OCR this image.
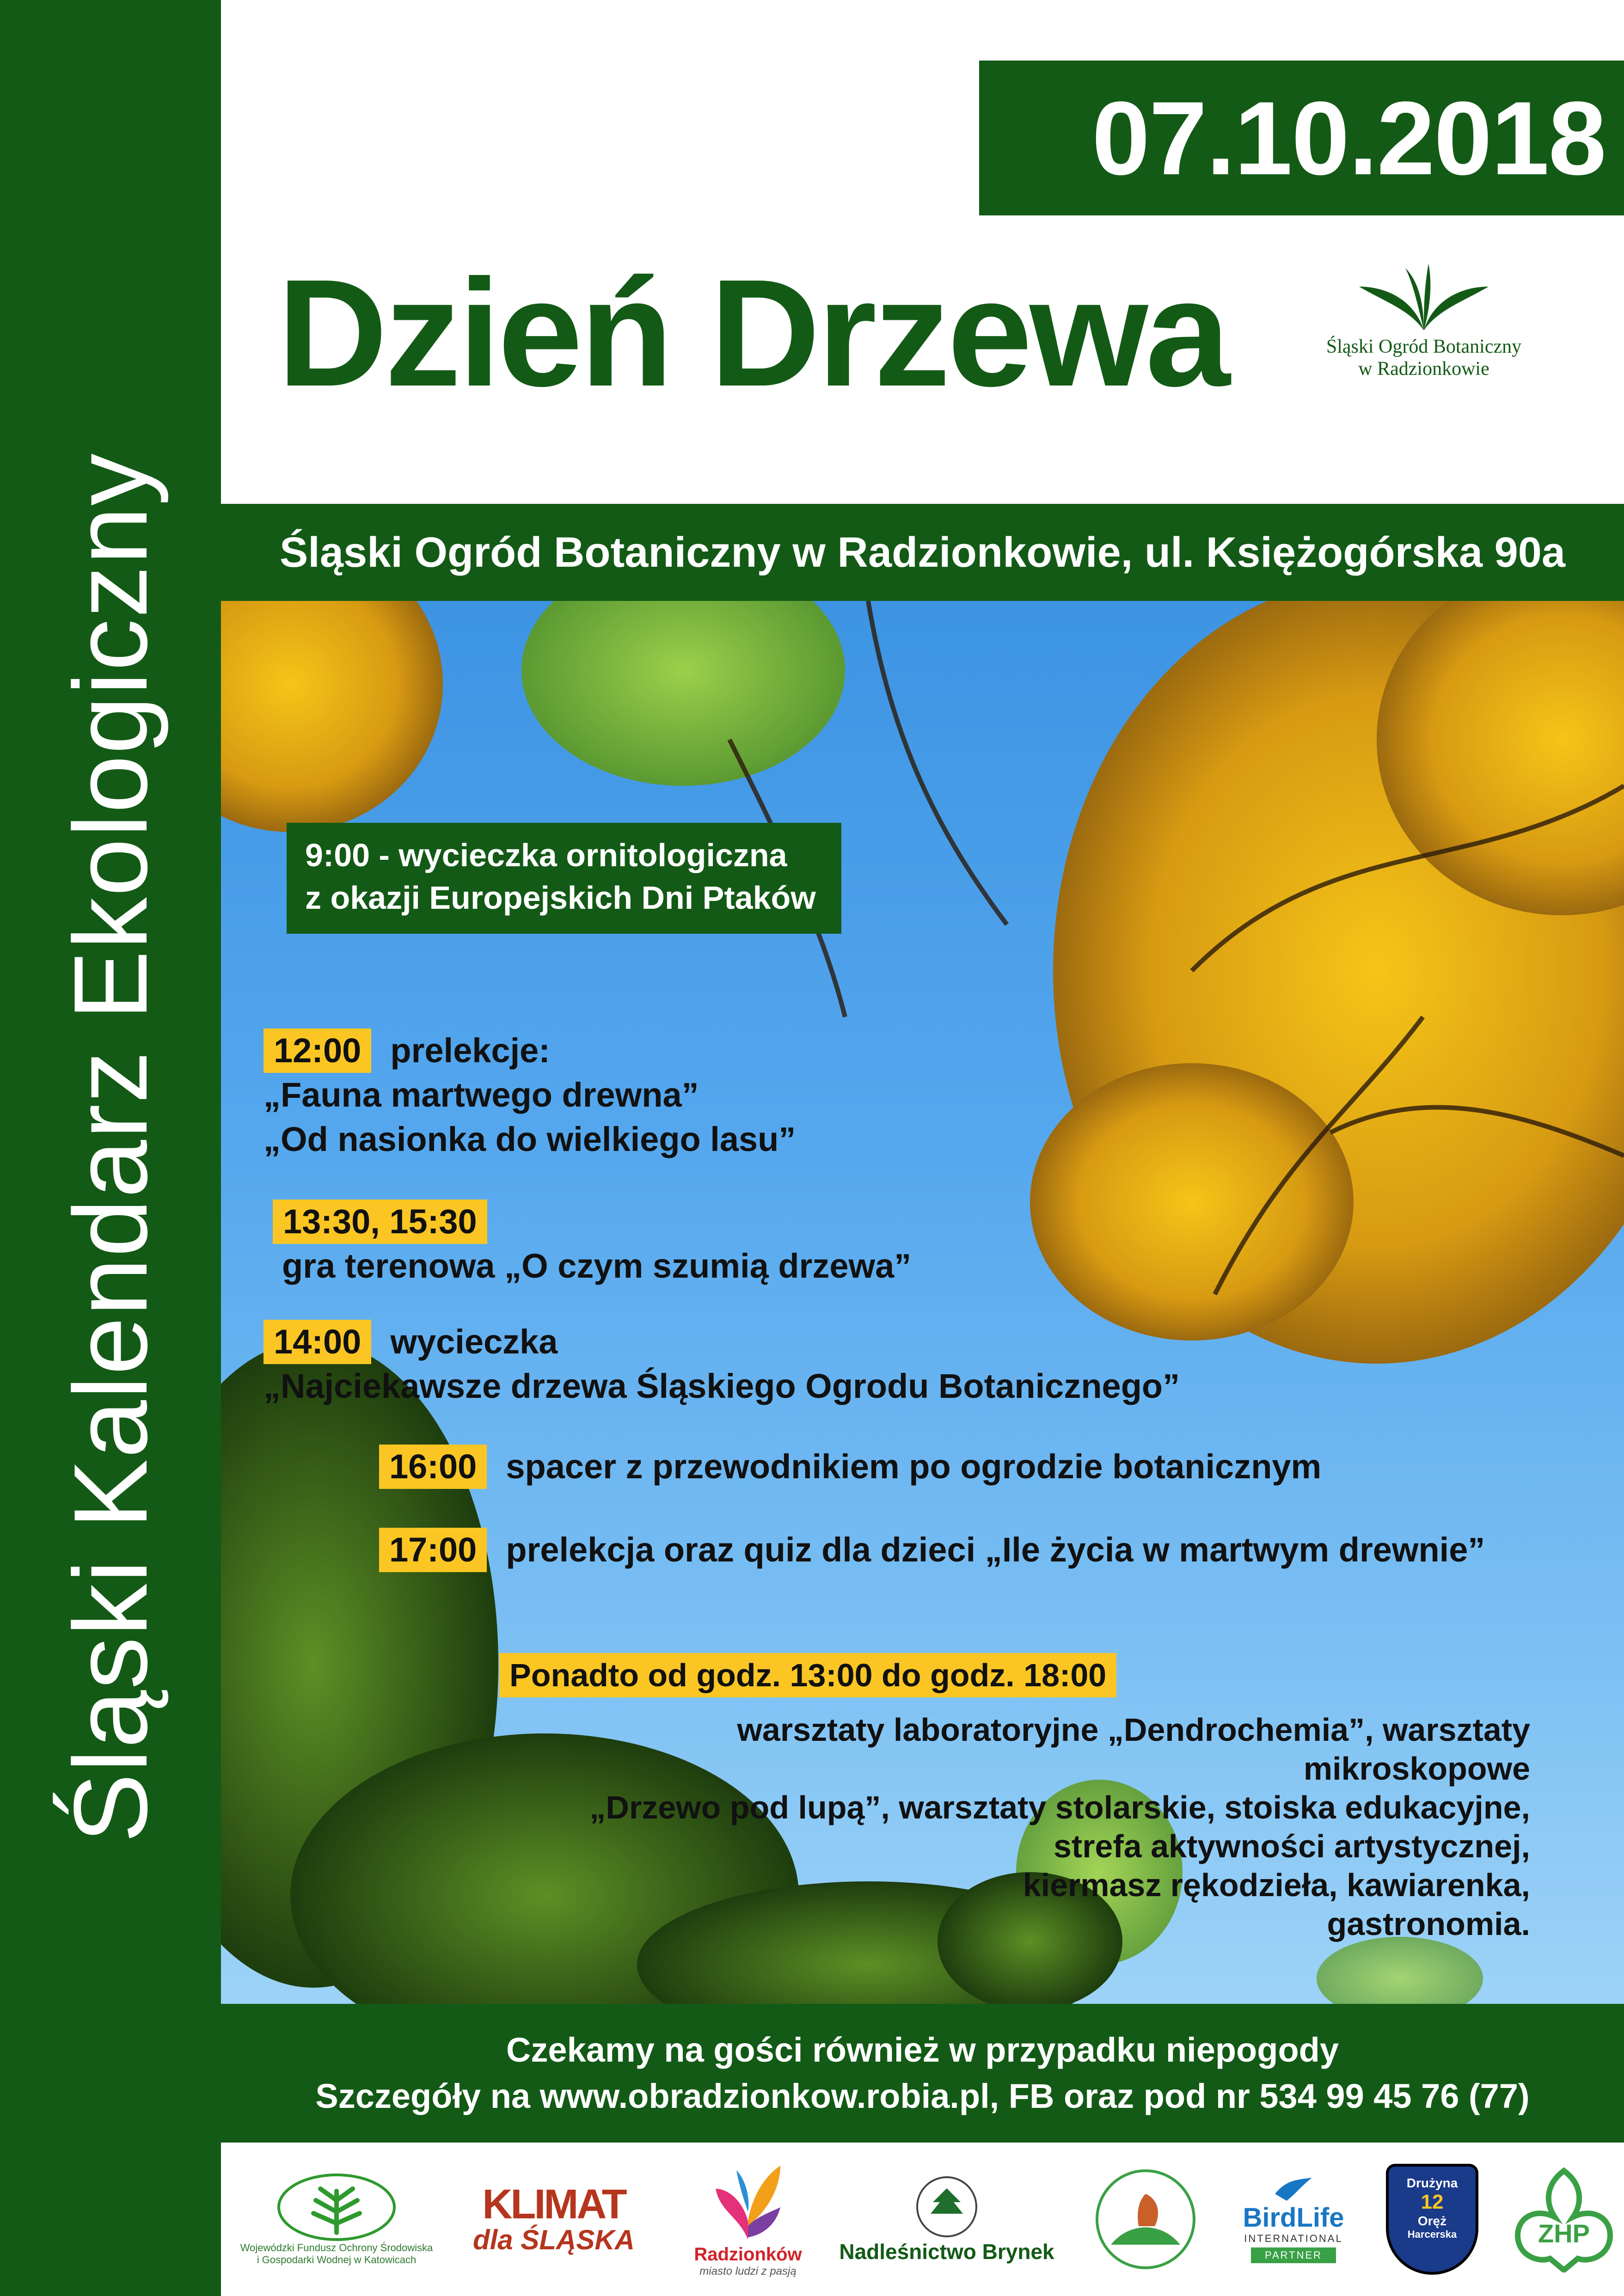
Śląski Kalendarz Ekologiczny
07.10.2018
Dzień Drzewa	Śląski Ogród Botaniczny
w Radzionkowie
Śląski Ogród Botaniczny w Radzionkowie, ul. Księżogórska 90a
9:00 - wycieczka ornitologiczna
z okazji Europejskich Dni Ptaków
12:00 prelekcje:
„Fauna martwego drewna”
„Od nasionka do wielkiego lasu”
13:30, 15:30
gra terenowa „O czym szumią drzewa”
14:00 wycieczka
„Najciekawsze drzewa Śląskiego Ogrodu Botanicznego”
16:00 spacer z przewodnikiem po ogrodzie botanicznym
17:00 prelekcja oraz quiz dla dzieci „Ile życia w martwym drewnie”
Ponadto od godz. 13:00 do godz. 18:00
warsztaty laboratoryjne „Dendrochemia”, warsztaty mikroskopowe
„Drzewo pod lupą”, warsztaty stolarskie, stoiska edukacyjne,
strefa aktywności artystycznej,
kiermasz rękodzieła, kawiarenka,
gastronomia.
Czekamy na gości również w przypadku niepogody
Szczegóły na www.obradzionkow.robia.pl, FB oraz pod nr 534 99 45 76 (77)
Wojewódzki Fundusz Ochrony Środowiska
i Gospodarki Wodnej w Katowicach
KLIMAT
dla ŚLĄSKA	Radzionków
miasto ludzi z pasją
Nadleśnictwo Brynek
BirdLife
INTERNATIONAL
PARTNER
Drużyna
12
Oręż
Harcerska	ZHP
